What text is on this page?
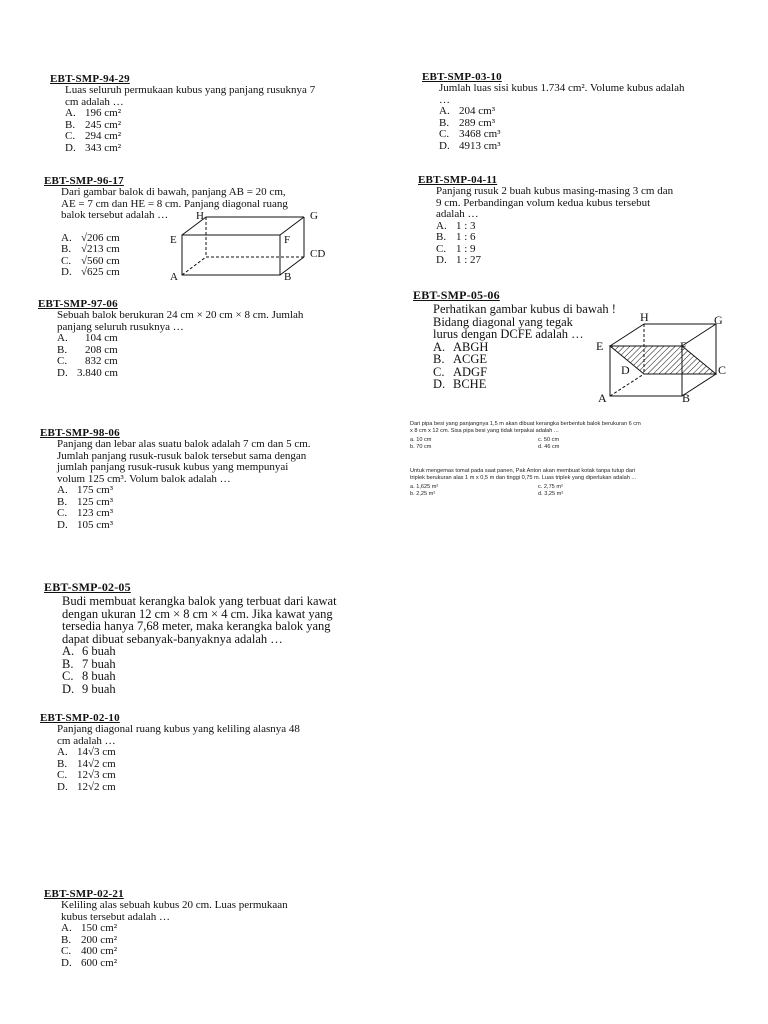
EBT-SMP-94-29
Luas seluruh permukaan kubus yang panjang rusuknya 7
cm adalah …
A. 196 cm²
B. 245 cm²
C. 294 cm²
D. 343 cm²
EBT-SMP-96-17
Dari gambar balok di bawah, panjang AB = 20 cm,
AE = 7 cm dan HE = 8 cm. Panjang diagonal ruang
balok tersebut adalah …
A. √206 cm
B. √213 cm
C. √560 cm
D. √625 cm
H	G
E	F
CD
A	B
EBT-SMP-97-06
Sebuah balok berukuran 24 cm × 20 cm × 8 cm. Jumlah
panjang seluruh rusuknya …
A.	104 cm
B.	208 cm
C.	832 cm
D. 3.840 cm
EBT-SMP-98-06
Panjang dan lebar alas suatu balok adalah 7 cm dan 5 cm.
Jumlah panjang rusuk-rusuk balok tersebut sama dengan
jumlah panjang rusuk-rusuk kubus yang mempunyai
volum 125 cm³. Volum balok adalah …
A. 175 cm³
B. 125 cm³
C. 123 cm³
D. 105 cm³
EBT-SMP-02-05
Budi membuat kerangka balok yang terbuat dari kawat
dengan ukuran 12 cm × 8 cm × 4 cm. Jika kawat yang
tersedia hanya 7,68 meter, maka kerangka balok yang
dapat dibuat sebanyak-banyaknya adalah …
A. 6 buah
B. 7 buah
C. 8 buah
D. 9 buah
EBT-SMP-02-10
Panjang diagonal ruang kubus yang keliling alasnya 48
cm adalah …
A. 14√3 cm
B. 14√2 cm
C. 12√3 cm
D. 12√2 cm
EBT-SMP-02-21
Keliling alas sebuah kubus 20 cm. Luas permukaan
kubus tersebut adalah …
A. 150 cm²
B. 200 cm²
C. 400 cm²
D. 600 cm²
EBT-SMP-03-10
Jumlah luas sisi kubus 1.734 cm². Volume kubus adalah
…
A. 204 cm³
B. 289 cm³
C. 3468 cm³
D. 4913 cm³
EBT-SMP-04-11
Panjang rusuk 2 buah kubus masing-masing 3 cm dan
9 cm. Perbandingan volum kedua kubus tersebut
adalah …
A. 1 : 3
B. 1 : 6
C. 1 : 9
D. 1 : 27
EBT-SMP-05-06
Perhatikan gambar kubus di bawah !
Bidang diagonal yang tegak
lurus dengan DCFE adalah …
A. ABGH
B. ACGE
C. ADGF
D. BCHE
H	G
E	F
D	C
A	B
Dari pipa besi yang panjangnya 1,5 m akan dibuat kerangka berbentuk balok berukuran 6 cm
x 8 cm x 12 cm. Sisa pipa besi yang tidak terpakai adalah ...
a. 10 cm	c. 50 cm
b. 70 cm	d. 46 cm
Untuk mengemas tomat pada saat panen, Pak Anton akan membuat kotak tanpa tutup dari
triplek berukuran alas 1 m x 0,5 m dan tinggi 0,75 m. Luas triplek yang diperlukan adalah ...
a. 1,625 m²	c. 2,75 m²
b. 2,25 m²	d. 3,25 m²
